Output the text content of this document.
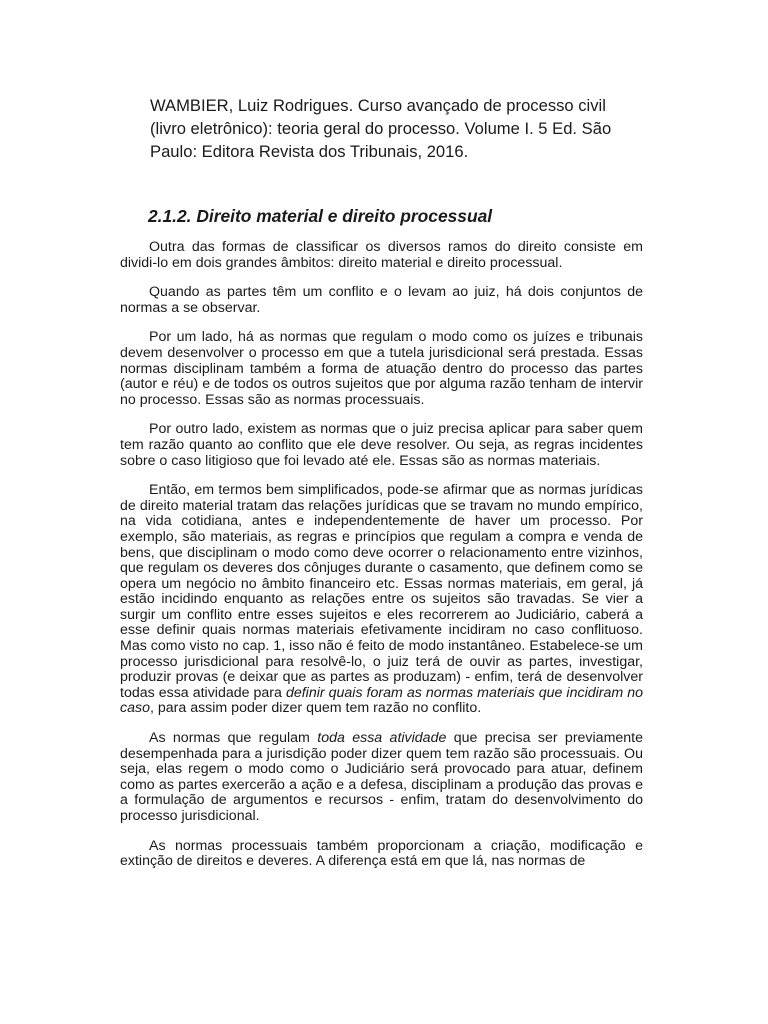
WAMBIER, Luiz Rodrigues. Curso avançado de processo civil (livro eletrônico): teoria geral do processo. Volume I. 5 Ed. São Paulo: Editora Revista dos Tribunais, 2016.

2.1.2. Direito material e direito processual

Outra das formas de classificar os diversos ramos do direito consiste em dividi-lo em dois grandes âmbitos: direito material e direito processual.

Quando as partes têm um conflito e o levam ao juiz, há dois conjuntos de normas a se observar.

Por um lado, há as normas que regulam o modo como os juízes e tribunais devem desenvolver o processo em que a tutela jurisdicional será prestada. Essas normas disciplinam também a forma de atuação dentro do processo das partes (autor e réu) e de todos os outros sujeitos que por alguma razão tenham de intervir no processo. Essas são as normas processuais.

Por outro lado, existem as normas que o juiz precisa aplicar para saber quem tem razão quanto ao conflito que ele deve resolver. Ou seja, as regras incidentes sobre o caso litigioso que foi levado até ele. Essas são as normas materiais.

Então, em termos bem simplificados, pode-se afirmar que as normas jurídicas de direito material tratam das relações jurídicas que se travam no mundo empírico, na vida cotidiana, antes e independentemente de haver um processo. Por exemplo, são materiais, as regras e princípios que regulam a compra e venda de bens, que disciplinam o modo como deve ocorrer o relacionamento entre vizinhos, que regulam os deveres dos cônjuges durante o casamento, que definem como se opera um negócio no âmbito financeiro etc. Essas normas materiais, em geral, já estão incidindo enquanto as relações entre os sujeitos são travadas. Se vier a surgir um conflito entre esses sujeitos e eles recorrerem ao Judiciário, caberá a esse definir quais normas materiais efetivamente incidiram no caso conflituoso. Mas como visto no cap. 1, isso não é feito de modo instantâneo. Estabelece-se um processo jurisdicional para resolvê-lo, o juiz terá de ouvir as partes, investigar, produzir provas (e deixar que as partes as produzam) - enfim, terá de desenvolver todas essa atividade para definir quais foram as normas materiais que incidiram no caso, para assim poder dizer quem tem razão no conflito.

As normas que regulam toda essa atividade que precisa ser previamente desempenhada para a jurisdição poder dizer quem tem razão são processuais. Ou seja, elas regem o modo como o Judiciário será provocado para atuar, definem como as partes exercerão a ação e a defesa, disciplinam a produção das provas e a formulação de argumentos e recursos - enfim, tratam do desenvolvimento do processo jurisdicional.

As normas processuais também proporcionam a criação, modificação e extinção de direitos e deveres. A diferença está em que lá, nas normas de
